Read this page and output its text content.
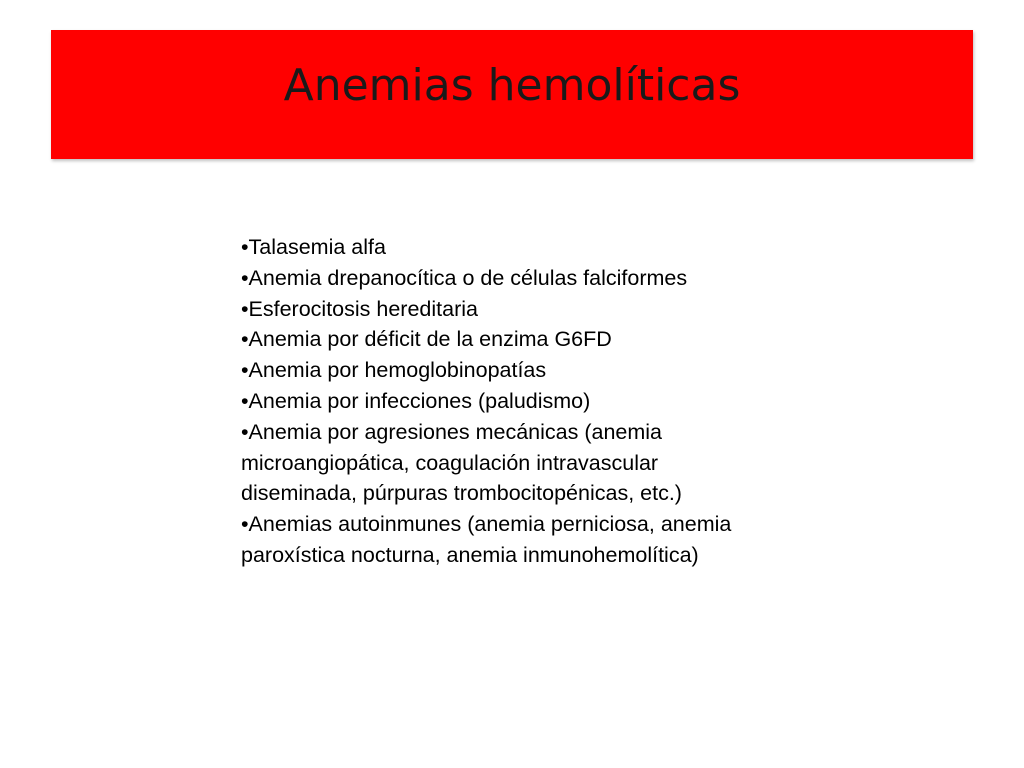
Anemias hemolíticas

•Talasemia alfa

•Anemia drepanocítica o de células falciformes

•Esferocitosis hereditaria

•Anemia por déficit de la enzima G6FD

•Anemia por hemoglobinopatías

•Anemia por infecciones (paludismo)

•Anemia por agresiones mecánicas (anemia microangiopática, coagulación intravascular diseminada, púrpuras trombocitopénicas, etc.)

•Anemias autoinmunes (anemia perniciosa, anemia paroxística nocturna, anemia inmunohemolítica)
